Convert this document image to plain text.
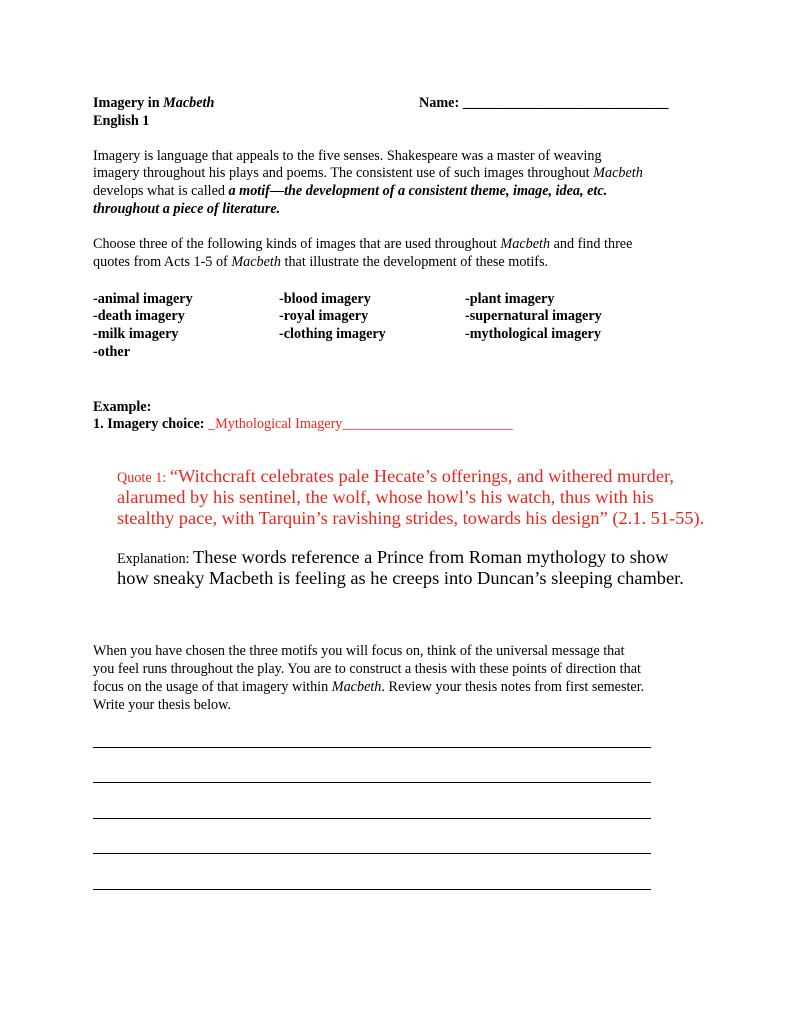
Imagery in Macbeth
English 1
Name: _____________________________
Imagery is language that appeals to the five senses. Shakespeare was a master of weaving
imagery throughout his plays and poems. The consistent use of such images throughout Macbeth
develops what is called a motif—the development of a consistent theme, image, idea, etc.
throughout a piece of literature.
Choose three of the following kinds of images that are used throughout Macbeth and find three
quotes from Acts 1-5 of Macbeth that illustrate the development of these motifs.
-animal imagery
-death imagery
-milk imagery
-other
-blood imagery
-royal imagery
-clothing imagery
-plant imagery
-supernatural imagery
-mythological imagery
Example:
1. Imagery choice: _Mythological Imagery________________________
Quote 1: “Witchcraft celebrates pale Hecate’s offerings, and withered murder,
alarumed by his sentinel, the wolf, whose howl’s his watch, thus with his
stealthy pace, with Tarquin’s ravishing strides, towards his design” (2.1. 51-55).
Explanation: These words reference a Prince from Roman mythology to show
how sneaky Macbeth is feeling as he creeps into Duncan’s sleeping chamber.
When you have chosen the three motifs you will focus on, think of the universal message that
you feel runs throughout the play. You are to construct a thesis with these points of direction that
focus on the usage of that imagery within Macbeth. Review your thesis notes from first semester.
Write your thesis below.
